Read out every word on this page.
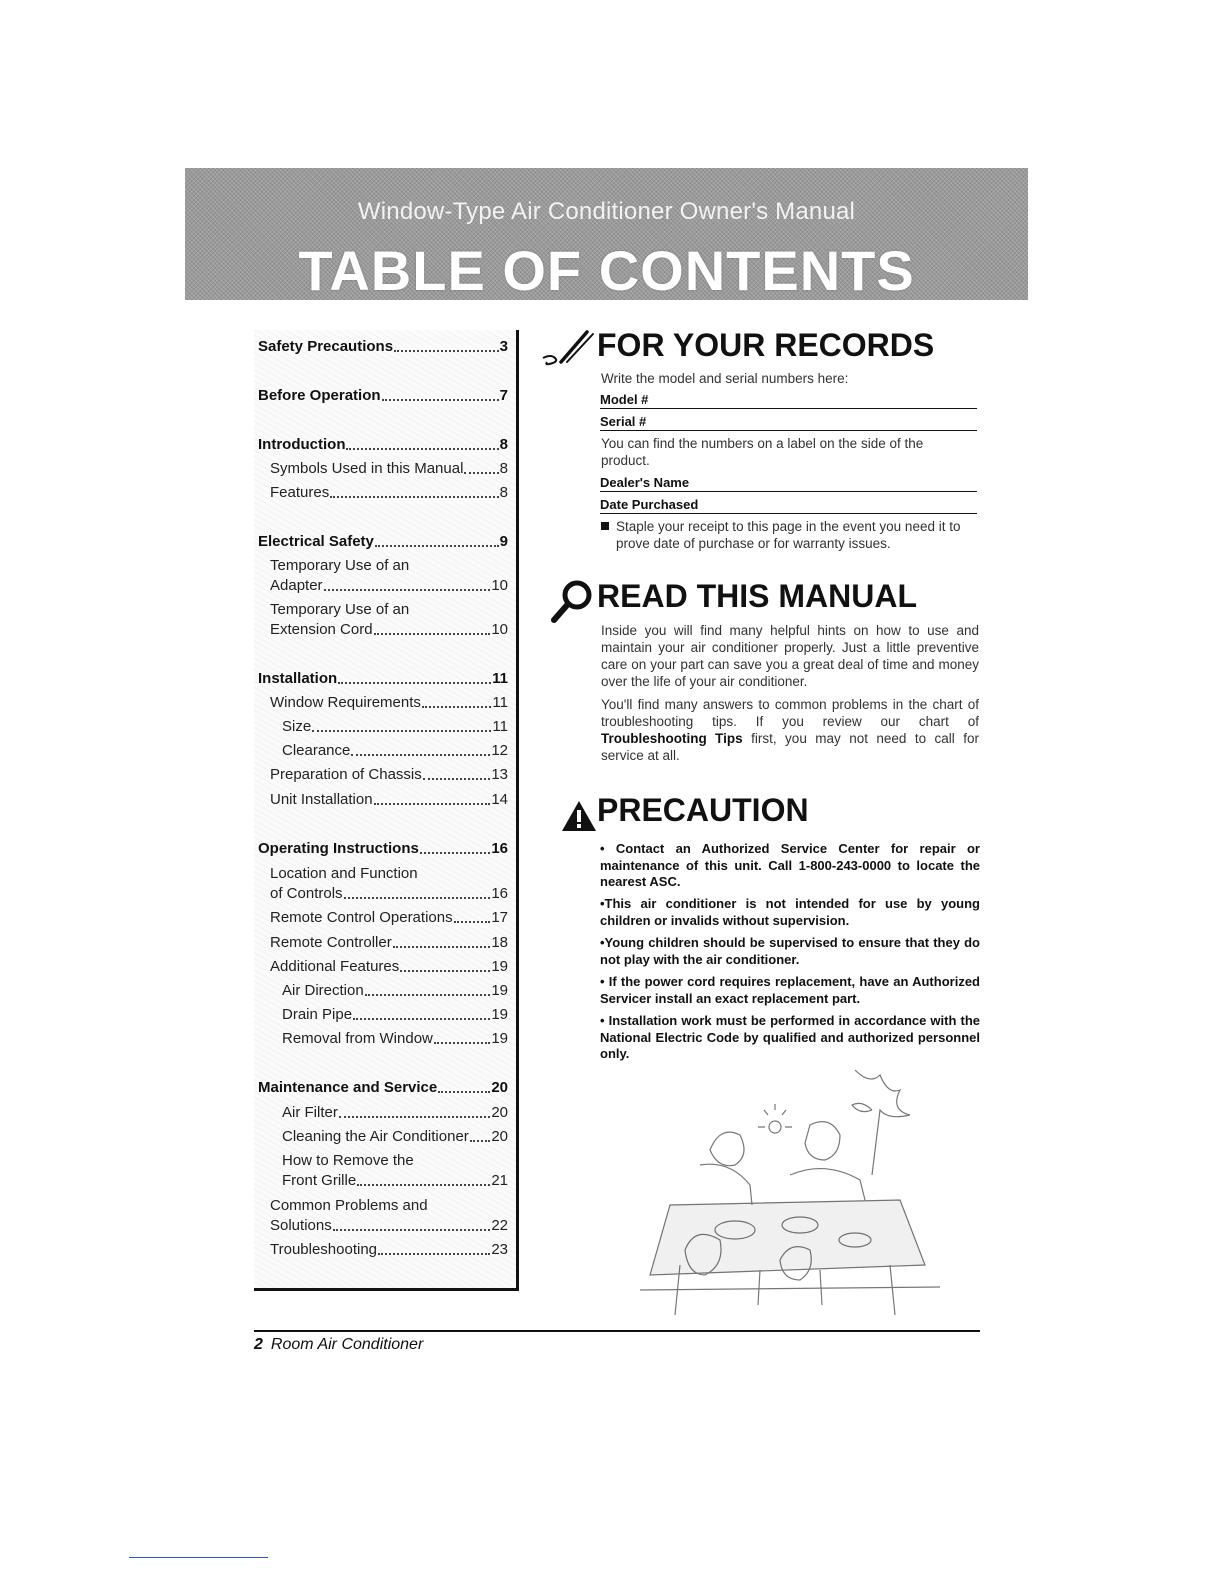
Window-Type Air Conditioner Owner's Manual
TABLE OF CONTENTS
Safety Precautions	3
Before Operation	7
Introduction	8
Symbols Used in this Manual 8
Features	8
Electrical Safety	9
Temporary Use of an
Adapter	10
Temporary Use of an
Extension Cord	10
Installation	11
Window Requirements	11
Size	11
Clearance	12
Preparation of Chassis	13
Unit Installation	14
Operating Instructions	16
Location and Function
of Controls	16
Remote Control Operations	17
Remote Controller	18
Additional Features	19
Air Direction	19
Drain Pipe	19
Removal from Window	19
Maintenance and Service	20
Air Filter	20
Cleaning the Air Conditioner 20
How to Remove the
Front Grille	21
Common Problems and
Solutions	22
Troubleshooting	23
FOR YOUR RECORDS
Write the model and serial numbers here:
Model #
Serial #
You can find the numbers on a label on the side of the product.
Dealer's Name
Date Purchased
Staple your receipt to this page in the event you need it to prove date of purchase or for warranty issues.
READ THIS MANUAL
Inside you will find many helpful hints on how to use and maintain your air conditioner properly. Just a little preventive care on your part can save you a great deal of time and money over the life of your air conditioner.
You'll find many answers to common problems in the chart of troubleshooting tips. If you review our chart of Troubleshooting Tips first, you may not need to call for service at all.
PRECAUTION
• Contact an Authorized Service Center for repair or maintenance of this unit. Call 1-800-243-0000 to locate the nearest ASC.
•This air conditioner is not intended for use by young children or invalids without supervision.
•Young children should be supervised to ensure that they do not play with the air conditioner.
• If the power cord requires replacement, have an Authorized Servicer install an exact replacement part.
• Installation work must be performed in accordance with the National Electric Code by qualified and authorized personnel only.
2 Room Air Conditioner
